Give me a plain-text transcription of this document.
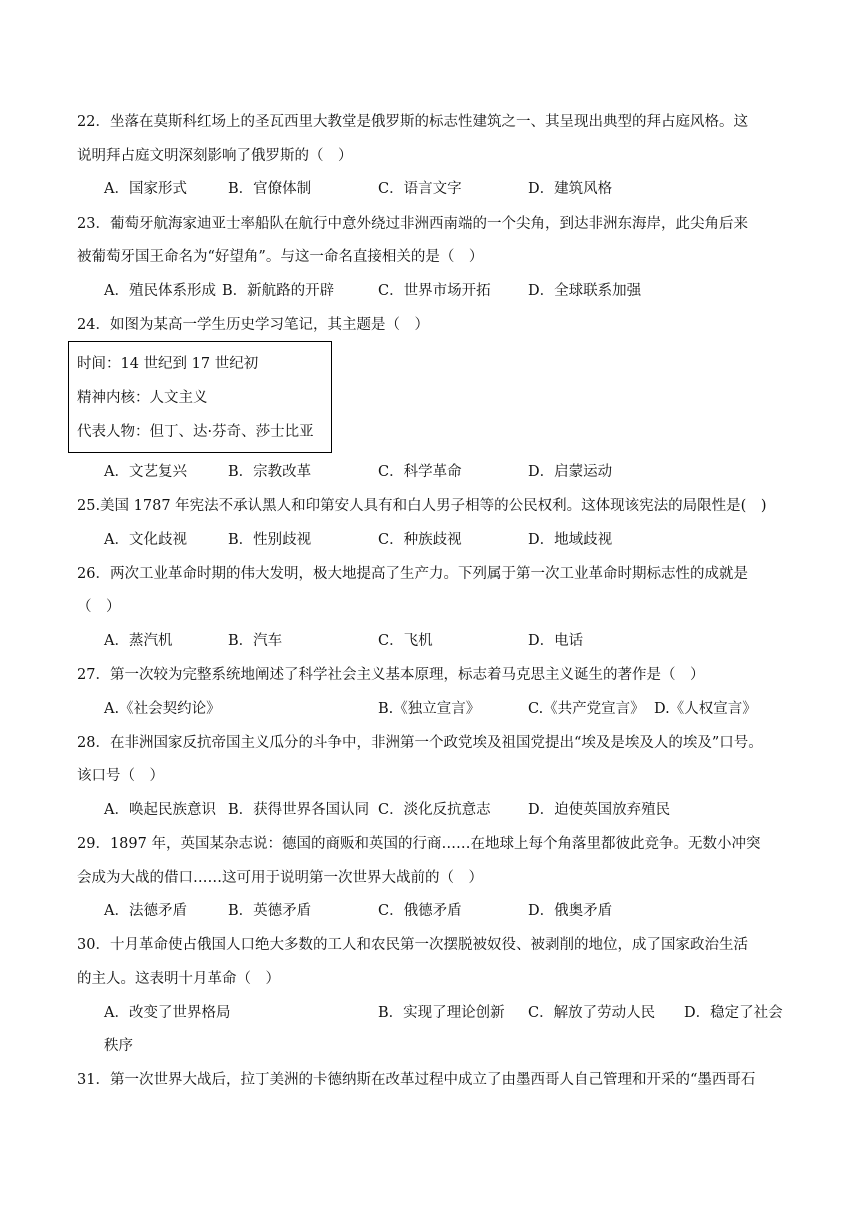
22．坐落在莫斯科红场上的圣瓦西里大教堂是俄罗斯的标志性建筑之一、其呈现出典型的拜占庭风格。这
说明拜占庭文明深刻影响了俄罗斯的（　）
A．国家形式	B．官僚体制	C．语言文字	D．建筑风格
23．葡萄牙航海家迪亚士率船队在航行中意外绕过非洲西南端的一个尖角，到达非洲东海岸，此尖角后来
被葡萄牙国王命名为“好望角”。与这一命名直接相关的是（　）
A．殖民体系形成 B．新航路的开辟	C．世界市场开拓	D．全球联系加强
24．如图为某高一学生历史学习笔记，其主题是（　）
时间：14 世纪到 17 世纪初
精神内核：人文主义
代表人物：但丁、达·芬奇、莎士比亚
A．文艺复兴	B．宗教改革	C．科学革命	D．启蒙运动
25.美国 1787 年宪法不承认黑人和印第安人具有和白人男子相等的公民权利。这体现该宪法的局限性是(　)
A．文化歧视	B．性别歧视	C．种族歧视	D．地域歧视
26．两次工业革命时期的伟大发明，极大地提高了生产力。下列属于第一次工业革命时期标志性的成就是
（　）
A．蒸汽机	B．汽车	C．飞机	D．电话
27．第一次较为完整系统地阐述了科学社会主义基本原理，标志着马克思主义诞生的著作是（　）
A.《社会契约论》	B.《独立宣言》	C.《共产党宣言》 D.《人权宣言》
28．在非洲国家反抗帝国主义瓜分的斗争中，非洲第一个政党埃及祖国党提出“埃及是埃及人的埃及”口号。
该口号（　）
A．唤起民族意识 B．获得世界各国认同 C．淡化反抗意志	D．迫使英国放弃殖民
29．1897 年，英国某杂志说：德国的商贩和英国的行商……在地球上每个角落里都彼此竞争。无数小冲突
会成为大战的借口……这可用于说明第一次世界大战前的（　）
A．法德矛盾	B．英德矛盾	C．俄德矛盾	D．俄奥矛盾
30．十月革命使占俄国人口绝大多数的工人和农民第一次摆脱被奴役、被剥削的地位，成了国家政治生活
的主人。这表明十月革命（　）
A．改变了世界格局	B．实现了理论创新 C．解放了劳动人民 D．稳定了社会
秩序
31．第一次世界大战后，拉丁美洲的卡德纳斯在改革过程中成立了由墨西哥人自己管理和开采的“墨西哥石
